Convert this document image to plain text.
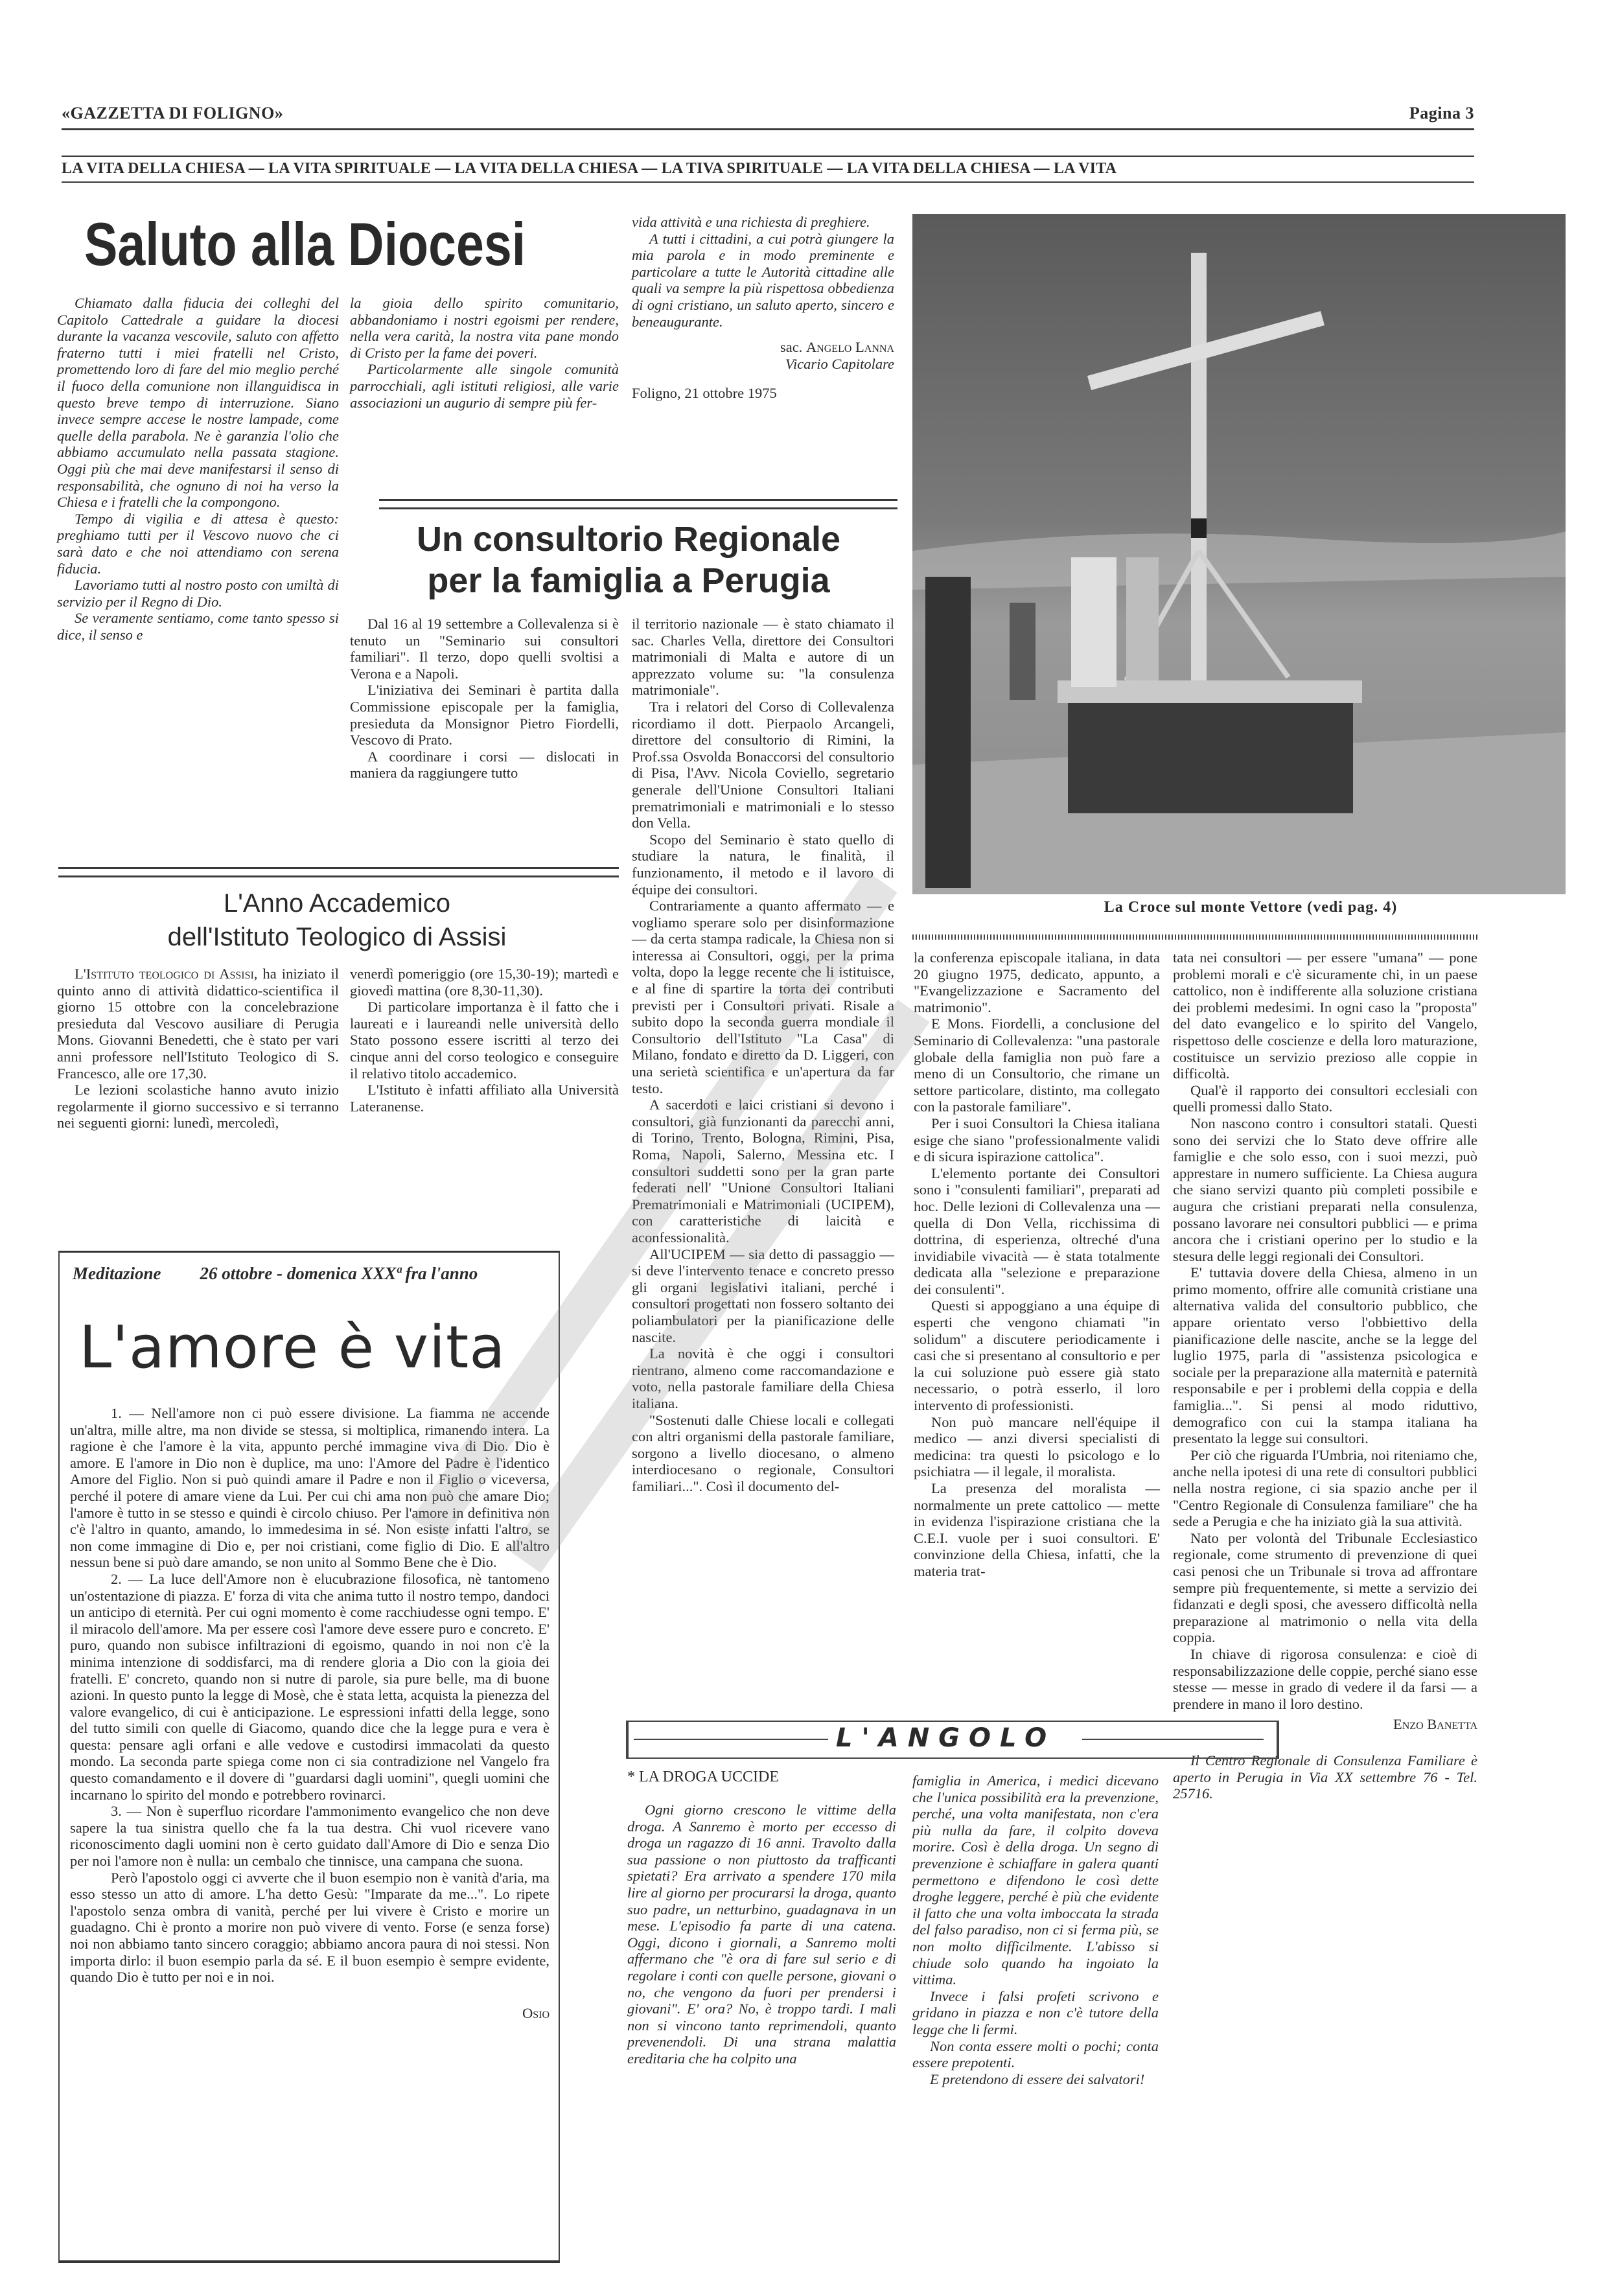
«GAZZETTA DI FOLIGNO»	Pagina 3
LA VITA DELLA CHIESA — LA VITA SPIRITUALE — LA VITA DELLA CHIESA — LA TIVA SPIRITUALE — LA VITA DELLA CHIESA — LA VITA
Saluto alla Diocesi

Chiamato dalla fiducia dei colleghi del Capitolo Cattedrale a guidare la diocesi durante la vacanza vescovile, saluto con affetto fraterno tutti i miei fratelli nel Cristo, promettendo loro di fare del mio meglio perché il fuoco della comunione non illanguidisca in questo breve tempo di interruzione. Siano invece sempre accese le nostre lampade, come quelle della parabola. Ne è garanzia l'olio che abbiamo accumulato nella passata stagione. Oggi più che mai deve manifestarsi il senso di responsabilità, che ognuno di noi ha verso la Chiesa e i fratelli che la compongono.

Tempo di vigilia e di attesa è questo: preghiamo tutti per il Vescovo nuovo che ci sarà dato e che noi attendiamo con serena fiducia.

Lavoriamo tutti al nostro posto con umiltà di servizio per il Regno di Dio.

Se veramente sentiamo, come tanto spesso si dice, il senso e

la gioia dello spirito comunitario, abbandoniamo i nostri egoismi per rendere, nella vera carità, la nostra vita pane mondo di Cristo per la fame dei poveri.

Particolarmente alle singole comunità parrocchiali, agli istituti religiosi, alle varie associazioni un augurio di sempre più fer-

vida attività e una richiesta di preghiere.

A tutti i cittadini, a cui potrà giungere la mia parola e in modo preminente e particolare a tutte le Autorità cittadine alle quali va sempre la più rispettosa obbedienza di ogni cristiano, un saluto aperto, sincero e beneaugurante.

sac. Angelo Lanna
Vicario Capitolare
Foligno, 21 ottobre 1975
Un consultorio Regionale
per la famiglia a Perugia

Dal 16 al 19 settembre a Collevalenza si è tenuto un "Seminario sui consultori familiari". Il terzo, dopo quelli svoltisi a Verona e a Napoli.

L'iniziativa dei Seminari è partita dalla Commissione episcopale per la famiglia, presieduta da Monsignor Pietro Fiordelli, Vescovo di Prato.

A coordinare i corsi — dislocati in maniera da raggiungere tutto

il territorio nazionale — è stato chiamato il sac. Charles Vella, direttore dei Consultori matrimoniali di Malta e autore di un apprezzato volume su: "la consulenza matrimoniale".

Tra i relatori del Corso di Collevalenza ricordiamo il dott. Pierpaolo Arcangeli, direttore del consultorio di Rimini, la Prof.ssa Osvolda Bonaccorsi del consultorio di Pisa, l'Avv. Nicola Coviello, segretario generale dell'Unione Consultori Italiani prematrimoniali e matrimoniali e lo stesso don Vella.

Scopo del Seminario è stato quello di studiare la natura, le finalità, il funzionamento, il metodo e il lavoro di équipe dei consultori.

Contrariamente a quanto affermato — e vogliamo sperare solo per disinformazione — da certa stampa radicale, la Chiesa non si interessa ai Consultori, oggi, per la prima volta, dopo la legge recente che li istituisce, e al fine di spartire la torta dei contributi previsti per i Consultori privati. Risale a subito dopo la seconda guerra mondiale il Consultorio dell'Istituto "La Casa" di Milano, fondato e diretto da D. Liggeri, con una serietà scientifica e un'apertura da far testo.

A sacerdoti e laici cristiani si devono i consultori, già funzionanti da parecchi anni, di Torino, Trento, Bologna, Rimini, Pisa, Roma, Napoli, Salerno, Messina etc. I consultori suddetti sono per la gran parte federati nell' "Unione Consultori Italiani Prematrimoniali e Matrimoniali (UCIPEM), con caratteristiche di laicità e aconfessionalità.

All'UCIPEM — sia detto di passaggio — si deve l'intervento tenace e concreto presso gli organi legislativi italiani, perché i consultori progettati non fossero soltanto dei poliambulatori per la pianificazione delle nascite.

La novità è che oggi i consultori rientrano, almeno come raccomandazione e voto, nella pastorale familiare della Chiesa italiana.

"Sostenuti dalle Chiese locali e collegati con altri organismi della pastorale familiare, sorgono a livello diocesano, o almeno interdiocesano o regionale, Consultori familiari...". Così il documento del-

la conferenza episcopale italiana, in data 20 giugno 1975, dedicato, appunto, a "Evangelizzazione e Sacramento del matrimonio".

E Mons. Fiordelli, a conclusione del Seminario di Collevalenza: "una pastorale globale della famiglia non può fare a meno di un Consultorio, che rimane un settore particolare, distinto, ma collegato con la pastorale familiare".

Per i suoi Consultori la Chiesa italiana esige che siano "professionalmente validi e di sicura ispirazione cattolica".

L'elemento portante dei Consultori sono i "consulenti familiari", preparati ad hoc. Delle lezioni di Collevalenza una — quella di Don Vella, ricchissima di dottrina, di esperienza, oltreché d'una invidiabile vivacità — è stata totalmente dedicata alla "selezione e preparazione dei consulenti".

Questi si appoggiano a una équipe di esperti che vengono chiamati "in solidum" a discutere periodicamente i casi che si presentano al consultorio e per la cui soluzione può essere già stato necessario, o potrà esserlo, il loro intervento di professionisti.

Non può mancare nell'équipe il medico — anzi diversi specialisti di medicina: tra questi lo psicologo e lo psichiatra — il legale, il moralista.

La presenza del moralista — normalmente un prete cattolico — mette in evidenza l'ispirazione cristiana che la C.E.I. vuole per i suoi consultori. E' convinzione della Chiesa, infatti, che la materia trat-

tata nei consultori — per essere "umana" — pone problemi morali e c'è sicuramente chi, in un paese cattolico, non è indifferente alla soluzione cristiana dei problemi medesimi. In ogni caso la "proposta" del dato evangelico e lo spirito del Vangelo, rispettoso delle coscienze e della loro maturazione, costituisce un servizio prezioso alle coppie in difficoltà.

Qual'è il rapporto dei consultori ecclesiali con quelli promessi dallo Stato.

Non nascono contro i consultori statali. Questi sono dei servizi che lo Stato deve offrire alle famiglie e che solo esso, con i suoi mezzi, può apprestare in numero sufficiente. La Chiesa augura che siano servizi quanto più completi possibile e augura che cristiani preparati nella consulenza, possano lavorare nei consultori pubblici — e prima ancora che i cristiani operino per lo studio e la stesura delle leggi regionali dei Consultori.

E' tuttavia dovere della Chiesa, almeno in un primo momento, offrire alle comunità cristiane una alternativa valida del consultorio pubblico, che appare orientato verso l'obbiettivo della pianificazione delle nascite, anche se la legge del luglio 1975, parla di "assistenza psicologica e sociale per la preparazione alla maternità e paternità responsabile e per i problemi della coppia e della famiglia...". Si pensi al modo riduttivo, demografico con cui la stampa italiana ha presentato la legge sui consultori.

Per ciò che riguarda l'Umbria, noi riteniamo che, anche nella ipotesi di una rete di consultori pubblici nella nostra regione, ci sia spazio anche per il "Centro Regionale di Consulenza familiare" che ha sede a Perugia e che ha iniziato già la sua attività.

Nato per volontà del Tribunale Ecclesiastico regionale, come strumento di prevenzione di quei casi penosi che un Tribunale si trova ad affrontare sempre più frequentemente, si mette a servizio dei fidanzati e degli sposi, che avessero difficoltà nella preparazione al matrimonio o nella vita della coppia.

In chiave di rigorosa consulenza: e cioè di responsabilizzazione delle coppie, perché siano esse stesse — messe in grado di vedere il da farsi — a prendere in mano il loro destino.

Enzo Banetta

Il Centro Regionale di Consulenza Familiare è aperto in Perugia in Via XX settembre 76 - Tel. 25716.

La Croce sul monte Vettore (vedi pag. 4)
L'Anno Accademico
dell'Istituto Teologico di Assisi

L'Istituto teologico di Assisi, ha iniziato il quinto anno di attività didattico-scientifica il giorno 15 ottobre con la concelebrazione presieduta dal Vescovo ausiliare di Perugia Mons. Giovanni Benedetti, che è stato per vari anni professore nell'Istituto Teologico di S. Francesco, alle ore 17,30.

Le lezioni scolastiche hanno avuto inizio regolarmente il giorno successivo e si terranno nei seguenti giorni: lunedì, mercoledì,

venerdì pomeriggio (ore 15,30-19); martedì e giovedì mattina (ore 8,30-11,30).

Di particolare importanza è il fatto che i laureati e i laureandi nelle università dello Stato possono essere iscritti al terzo dei cinque anni del corso teologico e conseguire il relativo titolo accademico.

L'Istituto è infatti affiliato alla Università Lateranense.

Meditazione 26 ottobre - domenica XXXª fra l'anno
L'amore è vita

1. — Nell'amore non ci può essere divisione. La fiamma ne accende un'altra, mille altre, ma non divide se stessa, si moltiplica, rimanendo intera. La ragione è che l'amore è la vita, appunto perché immagine viva di Dio. Dio è amore. E l'amore in Dio non è duplice, ma uno: l'Amore del Padre è l'identico Amore del Figlio. Non si può quindi amare il Padre e non il Figlio o viceversa, perché il potere di amare viene da Lui. Per cui chi ama non può che amare Dio; l'amore è tutto in se stesso e quindi è circolo chiuso. Per l'amore in definitiva non c'è l'altro in quanto, amando, lo immedesima in sé. Non esiste infatti l'altro, se non come immagine di Dio e, per noi cristiani, come figlio di Dio. E all'altro nessun bene si può dare amando, se non unito al Sommo Bene che è Dio.

2. — La luce dell'Amore non è elucubrazione filosofica, nè tantomeno un'ostentazione di piazza. E' forza di vita che anima tutto il nostro tempo, dandoci un anticipo di eternità. Per cui ogni momento è come racchiudesse ogni tempo. E' il miracolo dell'amore. Ma per essere così l'amore deve essere puro e concreto. E' puro, quando non subisce infiltrazioni di egoismo, quando in noi non c'è la minima intenzione di soddisfarci, ma di rendere gloria a Dio con la gioia dei fratelli. E' concreto, quando non si nutre di parole, sia pure belle, ma di buone azioni. In questo punto la legge di Mosè, che è stata letta, acquista la pienezza del valore evangelico, di cui è anticipazione. Le espressioni infatti della legge, sono del tutto simili con quelle di Giacomo, quando dice che la legge pura e vera è questa: pensare agli orfani e alle vedove e custodirsi immacolati da questo mondo. La seconda parte spiega come non ci sia contradizione nel Vangelo fra questo comandamento e il dovere di "guardarsi dagli uomini", quegli uomini che incarnano lo spirito del mondo e potrebbero rovinarci.

3. — Non è superfluo ricordare l'ammonimento evangelico che non deve sapere la tua sinistra quello che fa la tua destra. Chi vuol ricevere vano riconoscimento dagli uomini non è certo guidato dall'Amore di Dio e senza Dio per noi l'amore non è nulla: un cembalo che tinnisce, una campana che suona.

Però l'apostolo oggi ci avverte che il buon esempio non è vanità d'aria, ma esso stesso un atto di amore. L'ha detto Gesù: "Imparate da me...". Lo ripete l'apostolo senza ombra di vanità, perché per lui vivere è Cristo e morire un guadagno. Chi è pronto a morire non può vivere di vento. Forse (e senza forse) noi non abbiamo tanto sincero coraggio; abbiamo ancora paura di noi stessi. Non importa dirlo: il buon esempio parla da sé. E il buon esempio è sempre evidente, quando Dio è tutto per noi e in noi.

Osio
L'ANGOLO
* LA DROGA UCCIDE

Ogni giorno crescono le vittime della droga. A Sanremo è morto per eccesso di droga un ragazzo di 16 anni. Travolto dalla sua passione o non piuttosto da trafficanti spietati? Era arrivato a spendere 170 mila lire al giorno per procurarsi la droga, quanto suo padre, un netturbino, guadagnava in un mese. L'episodio fa parte di una catena. Oggi, dicono i giornali, a Sanremo molti affermano che "è ora di fare sul serio e di regolare i conti con quelle persone, giovani o no, che vengono da fuori per prendersi i giovani". E' ora? No, è troppo tardi. I mali non si vincono tanto reprimendoli, quanto prevenendoli. Di una strana malattia ereditaria che ha colpito una

famiglia in America, i medici dicevano che l'unica possibilità era la prevenzione, perché, una volta manifestata, non c'era più nulla da fare, il colpito doveva morire. Così è della droga. Un segno di prevenzione è schiaffare in galera quanti permettono e difendono le così dette droghe leggere, perché è più che evidente il fatto che una volta imboccata la strada del falso paradiso, non ci si ferma più, se non molto difficilmente. L'abisso si chiude solo quando ha ingoiato la vittima.

Invece i falsi profeti scrivono e gridano in piazza e non c'è tutore della legge che li fermi.

Non conta essere molti o pochi; conta essere prepotenti.

E pretendono di essere dei salvatori!
